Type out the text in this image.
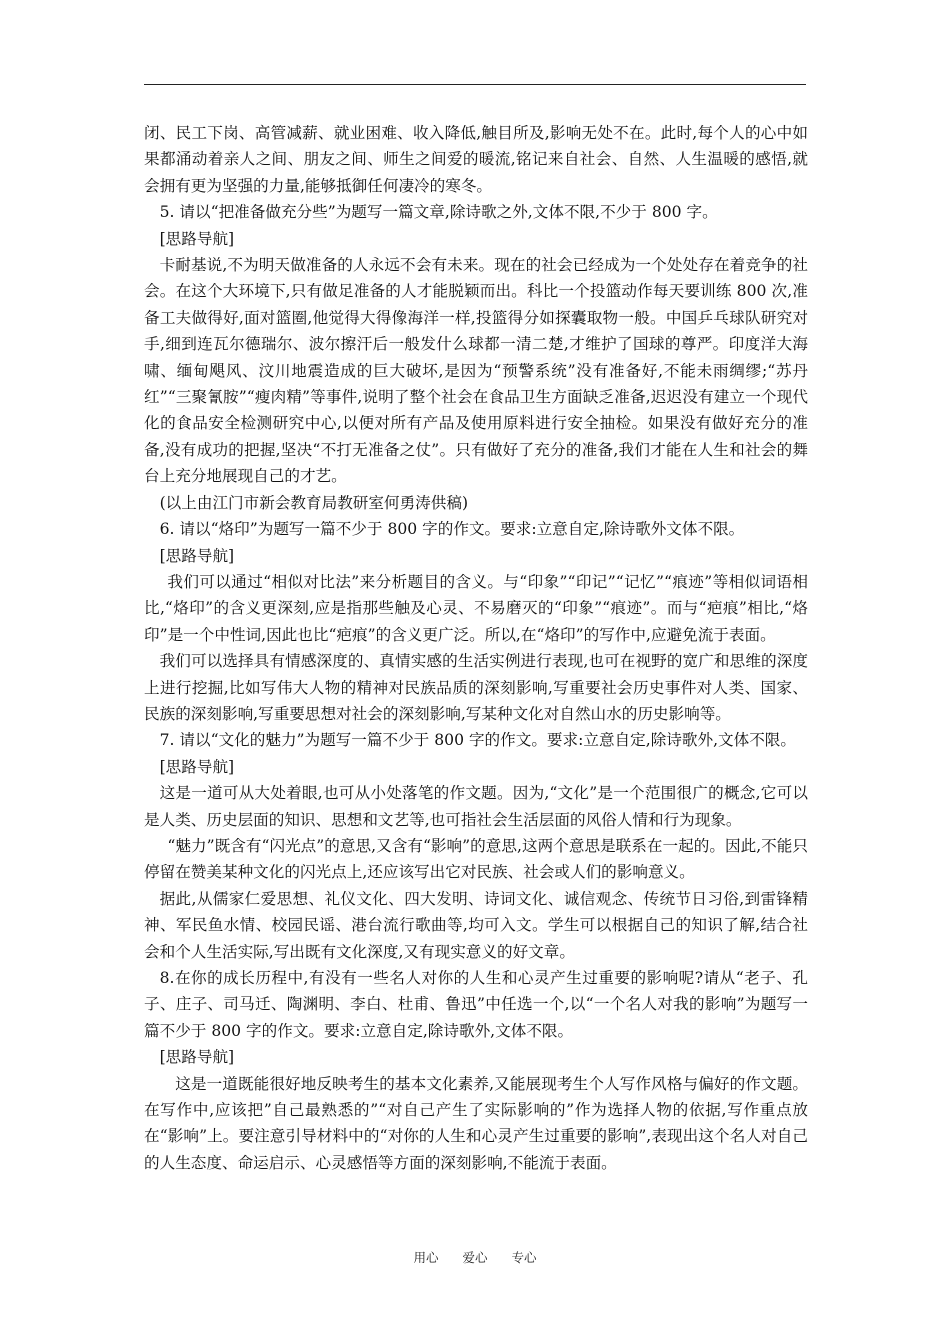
闭、民工下岗、高管减薪、就业困难、收入降低,触目所及,影响无处不在。此时,每个人的心中如果都涌动着亲人之间、朋友之间、师生之间爱的暖流,铭记来自社会、自然、人生温暖的感悟,就会拥有更为坚强的力量,能够抵御任何凄冷的寒冬。

5. 请以“把准备做充分些”为题写一篇文章,除诗歌之外,文体不限,不少于 800 字。

[思路导航]

卡耐基说,不为明天做准备的人永远不会有未来。现在的社会已经成为一个处处存在着竞争的社会。在这个大环境下,只有做足准备的人才能脱颖而出。科比一个投篮动作每天要训练 800 次,准备工夫做得好,面对篮圈,他觉得大得像海洋一样,投篮得分如探囊取物一般。中国乒乓球队研究对手,细到连瓦尔德瑞尔、波尔擦汗后一般发什么球都一清二楚,才维护了国球的尊严。印度洋大海啸、缅甸飓风、汶川地震造成的巨大破坏,是因为“预警系统”没有准备好,不能未雨绸缪;“苏丹红”“三聚氰胺”“瘦肉精”等事件,说明了整个社会在食品卫生方面缺乏准备,迟迟没有建立一个现代化的食品安全检测研究中心,以便对所有产品及使用原料进行安全抽检。如果没有做好充分的准备,没有成功的把握,坚决“不打无准备之仗”。只有做好了充分的准备,我们才能在人生和社会的舞台上充分地展现自己的才艺。

(以上由江门市新会教育局教研室何勇涛供稿)

6. 请以“烙印”为题写一篇不少于 800 字的作文。要求:立意自定,除诗歌外文体不限。

[思路导航]

我们可以通过“相似对比法”来分析题目的含义。与“印象”“印记”“记忆”“痕迹”等相似词语相比,“烙印”的含义更深刻,应是指那些触及心灵、不易磨灭的“印象”“痕迹”。而与“疤痕”相比,“烙印”是一个中性词,因此也比“疤痕”的含义更广泛。所以,在“烙印”的写作中,应避免流于表面。

我们可以选择具有情感深度的、真情实感的生活实例进行表现,也可在视野的宽广和思维的深度上进行挖掘,比如写伟大人物的精神对民族品质的深刻影响,写重要社会历史事件对人类、国家、民族的深刻影响,写重要思想对社会的深刻影响,写某种文化对自然山水的历史影响等。

7. 请以“文化的魅力”为题写一篇不少于 800 字的作文。要求:立意自定,除诗歌外,文体不限。

[思路导航]

这是一道可从大处着眼,也可从小处落笔的作文题。因为,“文化”是一个范围很广的概念,它可以是人类、历史层面的知识、思想和文艺等,也可指社会生活层面的风俗人情和行为现象。

“魅力”既含有“闪光点”的意思,又含有“影响”的意思,这两个意思是联系在一起的。因此,不能只停留在赞美某种文化的闪光点上,还应该写出它对民族、社会或人们的影响意义。

据此,从儒家仁爱思想、礼仪文化、四大发明、诗词文化、诚信观念、传统节日习俗,到雷锋精神、军民鱼水情、校园民谣、港台流行歌曲等,均可入文。学生可以根据自己的知识了解,结合社会和个人生活实际,写出既有文化深度,又有现实意义的好文章。

8.在你的成长历程中,有没有一些名人对你的人生和心灵产生过重要的影响呢?请从“老子、孔子、庄子、司马迁、陶渊明、李白、杜甫、鲁迅”中任选一个,以“一个名人对我的影响”为题写一篇不少于 800 字的作文。要求:立意自定,除诗歌外,文体不限。

[思路导航]

这是一道既能很好地反映考生的基本文化素养,又能展现考生个人写作风格与偏好的作文题。在写作中,应该把”自己最熟悉的”“对自己产生了实际影响的”作为选择人物的依据,写作重点放在“影响”上。要注意引导材料中的“对你的人生和心灵产生过重要的影响”,表现出这个名人对自己的人生态度、命运启示、心灵感悟等方面的深刻影响,不能流于表面。

用心 爱心 专心
